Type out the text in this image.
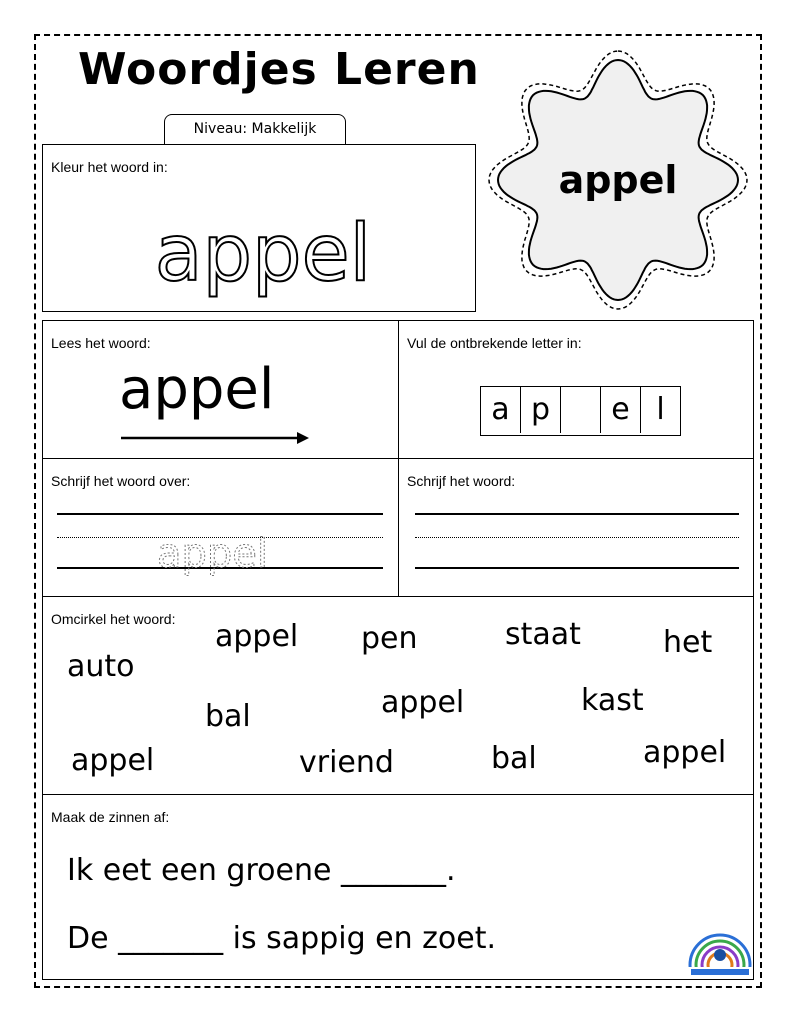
Woordjes Leren
Niveau: Makkelijk
appel
Kleur het woord in:
appel
Lees het woord:
appel
Vul de ontbrekende letter in:
a p	e l
Schrijf het woord over:
appel
Schrijf het woord:
Omcirkel het woord: appel pen	staat	het
auto
bal	appel	kast
appel	vriend	bal	appel
Maak de zinnen af:
Ik eet een groene _______.
De _______ is sappig en zoet.
